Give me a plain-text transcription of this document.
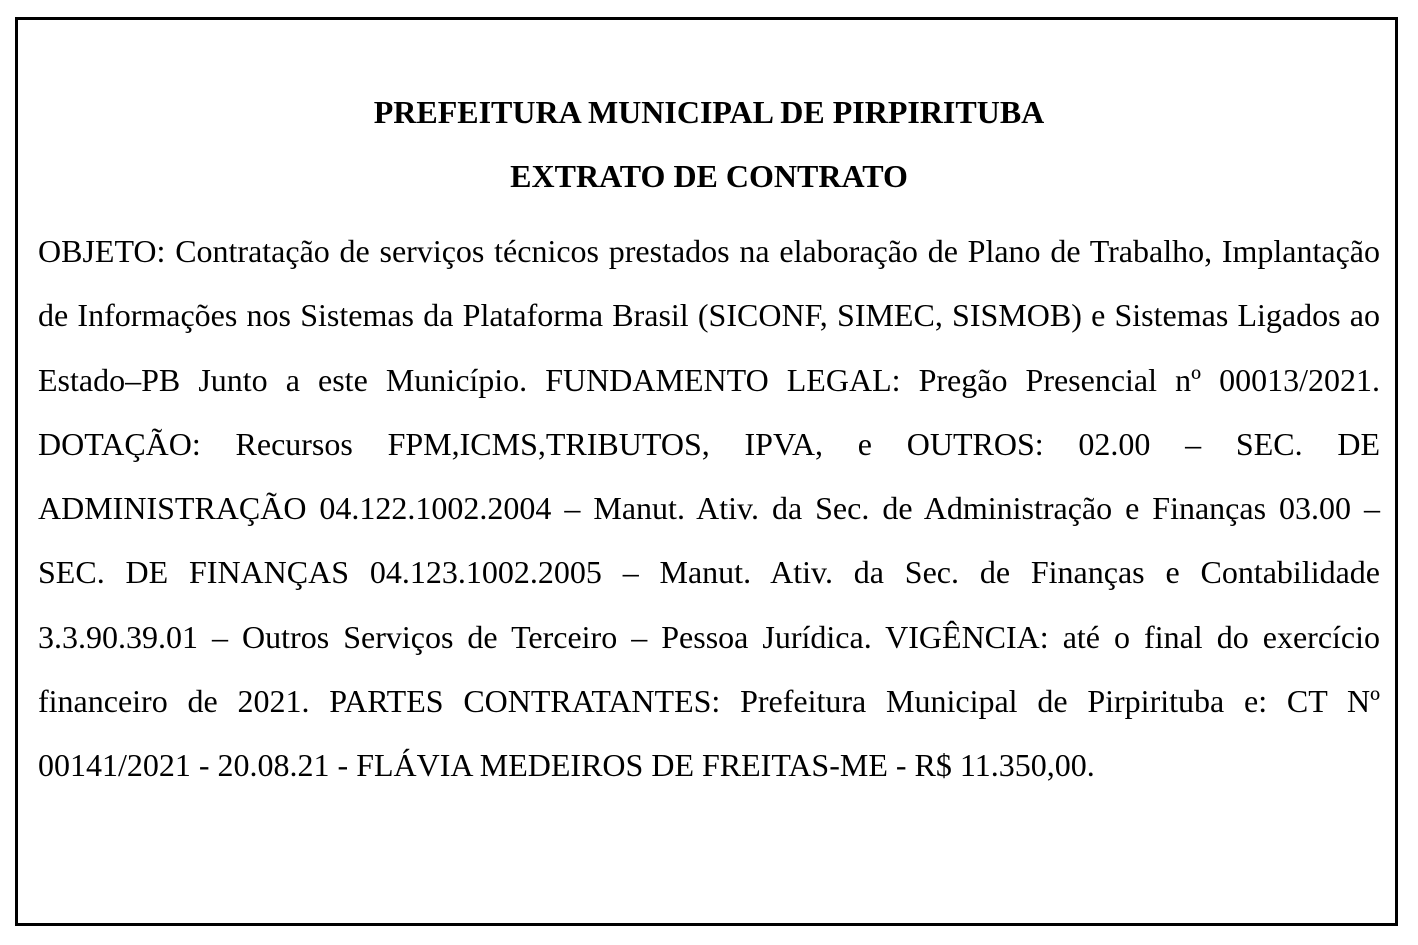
PREFEITURA MUNICIPAL DE PIRPIRITUBA
EXTRATO DE CONTRATO
OBJETO: Contratação de serviços técnicos prestados na elaboração de Plano de Trabalho, Implantação de Informações nos Sistemas da Plataforma Brasil (SICONF, SIMEC, SISMOB) e Sistemas Ligados ao Estado–PB Junto a este Município. FUNDAMENTO LEGAL: Pregão Presencial nº 00013/2021. DOTAÇÃO: Recursos FPM,ICMS,TRIBUTOS, IPVA, e OUTROS: 02.00 – SEC. DE ADMINISTRAÇÃO 04.122.1002.2004 – Manut. Ativ. da Sec. de Administração e Finanças 03.00 – SEC. DE FINANÇAS 04.123.1002.2005 – Manut. Ativ. da Sec. de Finanças e Contabilidade 3.3.90.39.01 – Outros Serviços de Terceiro – Pessoa Jurídica. VIGÊNCIA: até o final do exercício financeiro de 2021. PARTES CONTRATANTES: Prefeitura Municipal de Pirpirituba e: CT Nº 00141/2021 - 20.08.21 - FLÁVIA MEDEIROS DE FREITAS-ME - R$ 11.350,00.
